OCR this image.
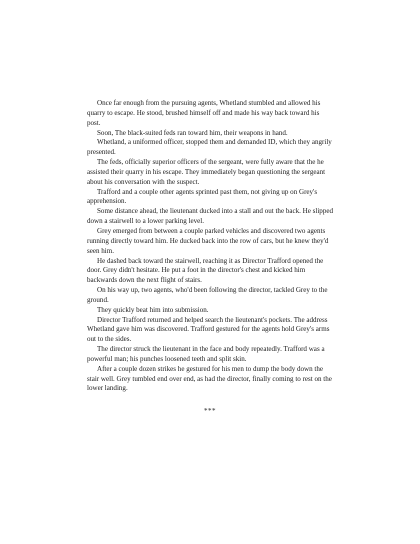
Once far enough from the pursuing agents, Whetland stumbled and allowed his quarry to escape. He stood, brushed himself off and made his way back toward his post.

Soon, The black-suited feds ran toward him, their weapons in hand.

Whetland, a uniformed officer, stopped them and demanded ID, which they angrily presented.

The feds, officially superior officers of the sergeant, were fully aware that the he assisted their quarry in his escape. They immediately began questioning the sergeant about his conversation with the suspect.

Trafford and a couple other agents sprinted past them, not giving up on Grey's apprehension.

Some distance ahead, the lieutenant ducked into a stall and out the back. He slipped down a stairwell to a lower parking level.

Grey emerged from between a couple parked vehicles and discovered two agents running directly toward him. He ducked back into the row of cars, but he knew they'd seen him.

He dashed back toward the stairwell, reaching it as Director Trafford opened the door. Grey didn't hesitate. He put a foot in the director's chest and kicked him backwards down the next flight of stairs.

On his way up, two agents, who'd been following the director, tackled Grey to the ground.

They quickly beat him into submission.

Director Trafford returned and helped search the lieutenant's pockets. The address Whetland gave him was discovered. Trafford gestured for the agents hold Grey's arms out to the sides.

The director struck the lieutenant in the face and body repeatedly. Trafford was a powerful man; his punches loosened teeth and split skin.

After a couple dozen strikes he gestured for his men to dump the body down the stair well. Grey tumbled end over end, as had the director, finally coming to rest on the lower landing.

***
